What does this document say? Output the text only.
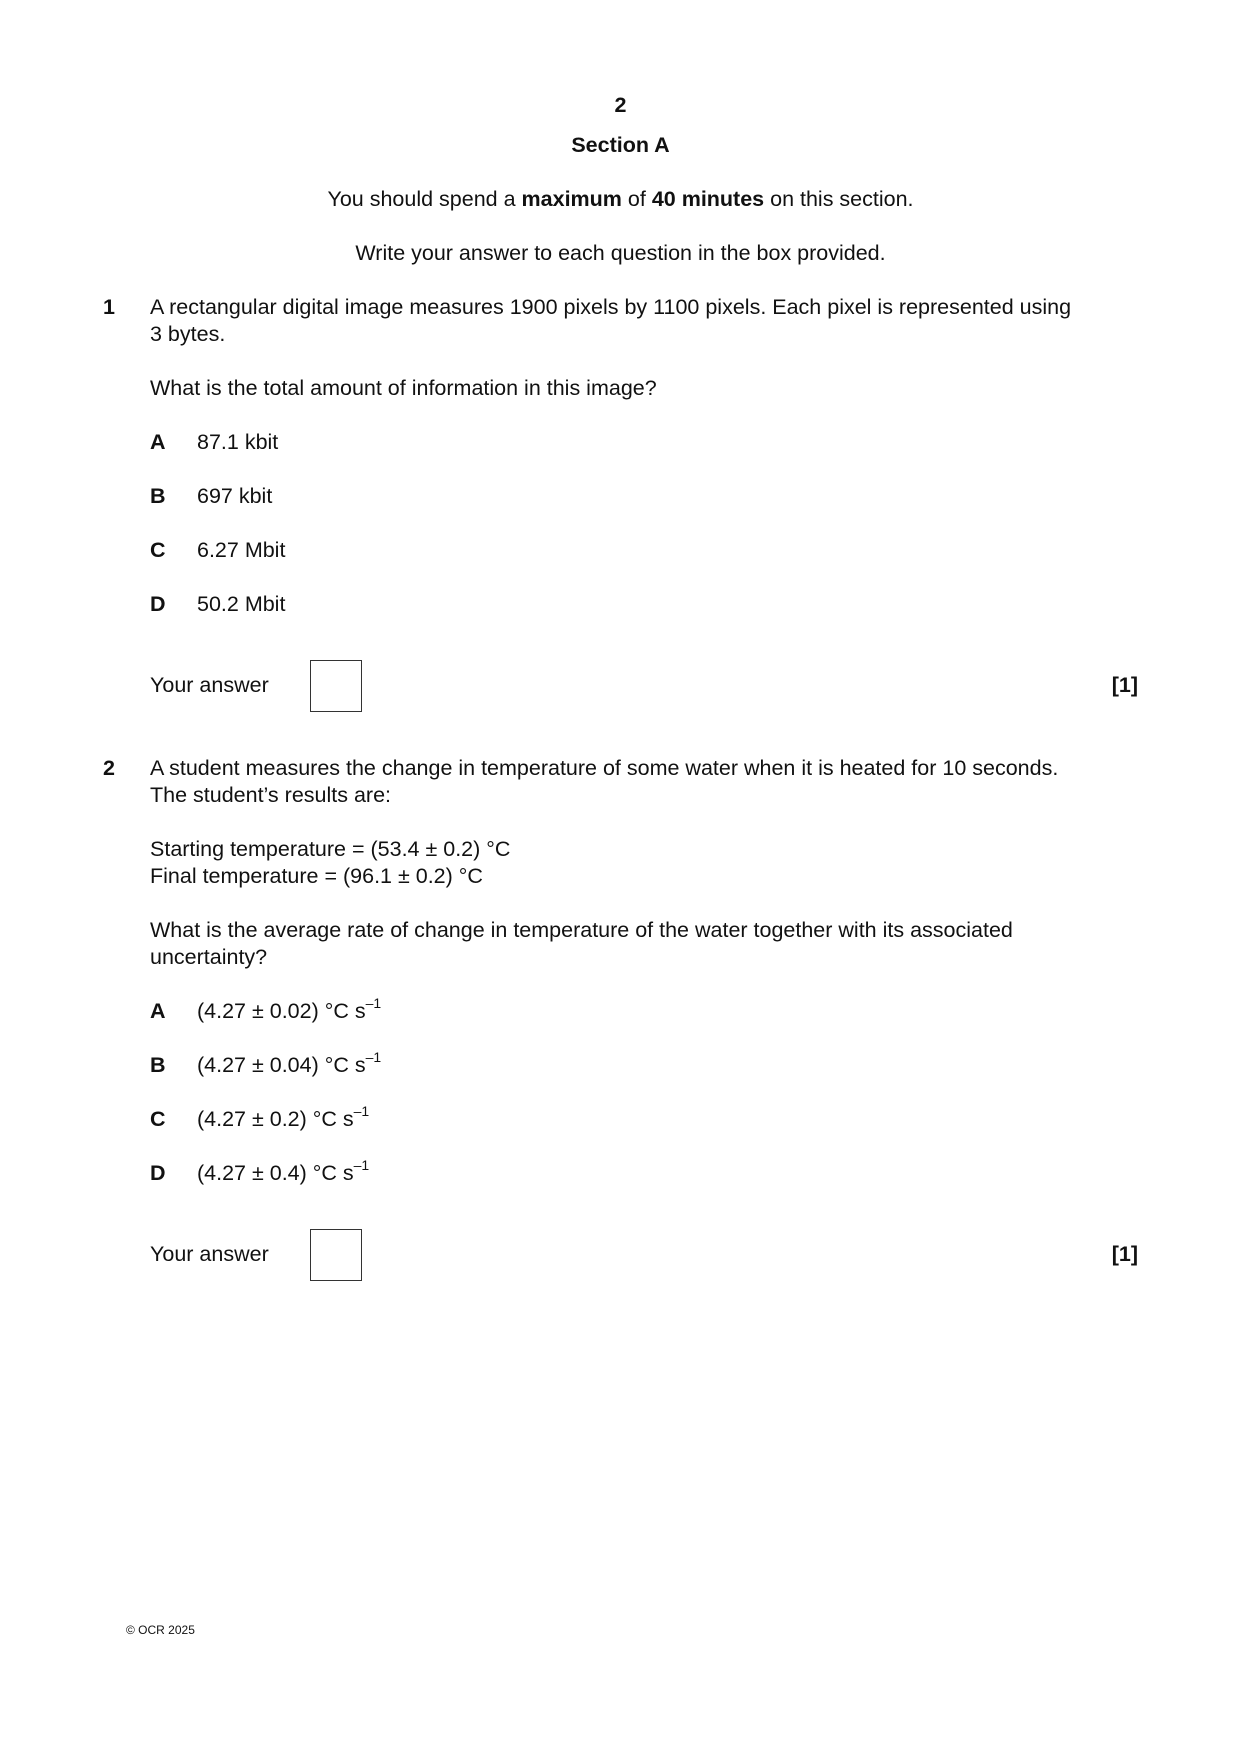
2
Section A
You should spend a maximum of 40 minutes on this section.
Write your answer to each question in the box provided.
1 A rectangular digital image measures 1900 pixels by 1100 pixels. Each pixel is represented using
3 bytes.
What is the total amount of information in this image?
A 87.1 kbit
B 697 kbit
C 6.27 Mbit
D 50.2 Mbit
Your answer	[1]
2 A student measures the change in temperature of some water when it is heated for 10 seconds.
The student’s results are:
Starting temperature = (53.4 ± 0.2) °C
Final temperature = (96.1 ± 0.2) °C
What is the average rate of change in temperature of the water together with its associated
uncertainty?
A (4.27 ± 0.02) °C $s^{-1}$
B (4.27 ± 0.04) °C $s^{-1}$
C (4.27 ± 0.2) °C $s^{-1}$
D (4.27 ± 0.4) °C $s^{-1}$
Your answer	[1]
© OCR 2025
